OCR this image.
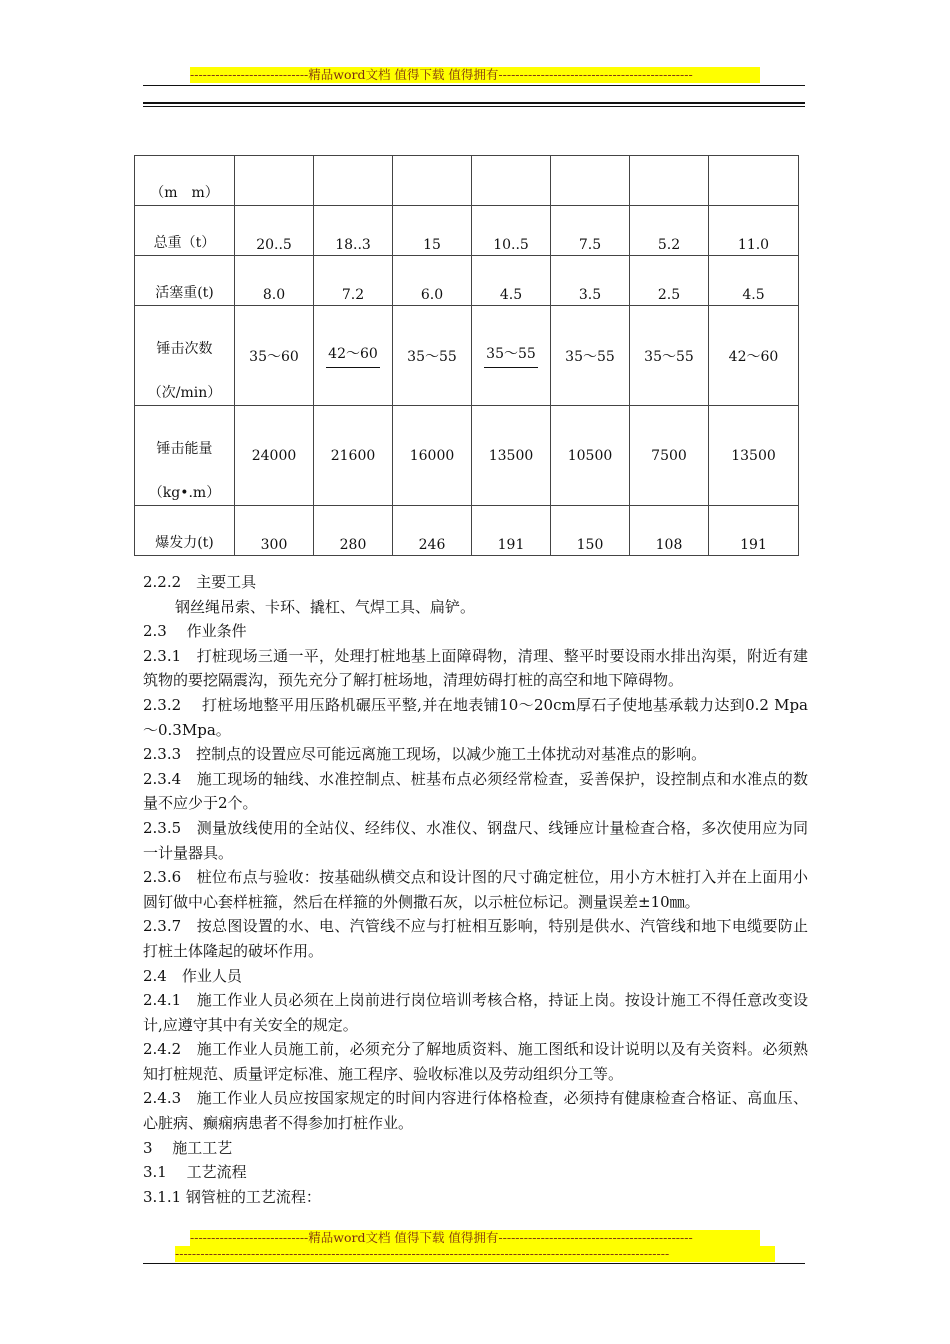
----------------------------精品word文档 值得下载 值得拥有----------------------------------------------
（m　m）							

总重（t）	20..5	18..3	15	10..5	7.5	5.2	11.0

活塞重(t)	8.0	7.2	6.0	4.5	3.5	2.5	4.5

锤击次数
（次/min）	35～60	42～60	35～55	35～55	35～55	35～55	42～60

锤击能量
（kg•.m）	24000	21600	16000	13500	10500	7500	13500

爆发力(t)	300	280	246	191	150	108	191

2.2.2　主要工具

钢丝绳吊索、卡环、撬杠、气焊工具、扁铲。

2.3　 作业条件

2.3.1　打桩现场三通一平，处理打桩地基上面障碍物，清理、整平时要设雨水排出沟渠，附近有建筑物的要挖隔震沟，预先充分了解打桩场地，清理妨碍打桩的高空和地下障碍物。

2.3.2　 打桩场地整平用压路机碾压平整,并在地表铺10～20cm厚石子使地基承载力达到0.2 Mpa ～0.3Mpa。

2.3.3　控制点的设置应尽可能远离施工现场，以减少施工土体扰动对基准点的影响。

2.3.4　施工现场的轴线、水准控制点、桩基布点必须经常检查，妥善保护，设控制点和水准点的数量不应少于2个。

2.3.5　测量放线使用的全站仪、经纬仪、水准仪、钢盘尺、线锤应计量检查合格，多次使用应为同一计量器具。

2.3.6　桩位布点与验收：按基础纵横交点和设计图的尺寸确定桩位，用小方木桩打入并在上面用小圆钉做中心套样桩箍，然后在样箍的外侧撒石灰，以示桩位标记。测量误差±10㎜。

2.3.7　按总图设置的水、电、汽管线不应与打桩相互影响，特别是供水、汽管线和地下电缆要防止打桩土体隆起的破坏作用。

2.4　作业人员

2.4.1　施工作业人员必须在上岗前进行岗位培训考核合格，持证上岗。按设计施工不得任意改变设计,应遵守其中有关安全的规定。

2.4.2　施工作业人员施工前，必须充分了解地质资料、施工图纸和设计说明以及有关资料。必须熟知打桩规范、质量评定标准、施工程序、验收标准以及劳动组织分工等。

2.4.3　施工作业人员应按国家规定的时间内容进行体格检查，必须持有健康检查合格证、高血压、心脏病、癫痫病患者不得参加打桩作业。

3　 施工工艺

3.1　 工艺流程

3.1.1 钢管桩的工艺流程：

----------------------------精品word文档 值得下载 值得拥有----------------------------------------------
---------------------------------------------------------------------------------------------------------------------
